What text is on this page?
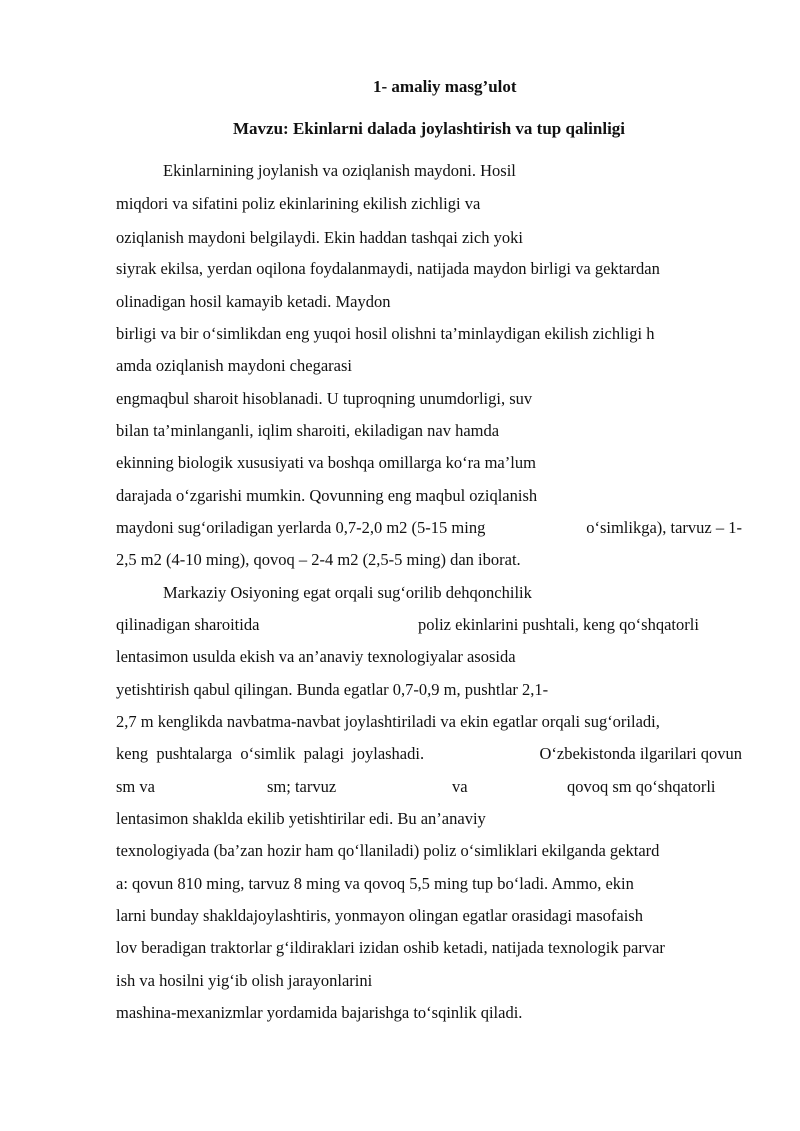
1- amaliy masg’ulot
Mavzu: Ekinlarni dalada joylashtirish va tup qalinligi
Ekinlarnining joylanish va oziqlanish maydoni. Hosil
miqdori va sifatini poliz ekinlarining ekilish zichligi va
oziqlanish maydoni belgilaydi. Ekin haddan tashqai zich yoki
siyrak ekilsa, yerdan oqilona foydalanmaydi, natijada maydon birligi va gektardan
olinadigan hosil kamayib ketadi. Maydon
birligi va bir o‘simlikdan eng yuqoi hosil olishni ta’minlaydigan ekilish zichligi h
amda oziqlanish maydoni chegarasi
engmaqbul sharoit hisoblanadi. U tuproqning unumdorligi, suv
bilan ta’minlanganli, iqlim sharoiti, ekiladigan nav hamda
ekinning biologik xususiyati va boshqa omillarga ko‘ra ma’lum
darajada o‘zgarishi mumkin. Qovunning eng maqbul oziqlanish
maydoni sug‘oriladigan yerlarda 0,7-2,0 m2 (5-15 ming	o‘simlikga), tarvuz – 1-
2,5 m2 (4-10 ming), qovoq – 2-4 m2 (2,5-5 ming) dan iborat.
Markaziy Osiyoning egat orqali sug‘orilib dehqonchilik
qilinadigan sharoitida	poliz ekinlarini pushtali, keng qo‘shqatorli
lentasimon usulda ekish va an’anaviy texnologiyalar asosida
yetishtirish qabul qilingan. Bunda egatlar 0,7-0,9 m, pushtlar 2,1-
2,7 m kenglikda navbatma-navbat joylashtiriladi va ekin egatlar orqali sug‘oriladi,
keng  pushtalarga  o‘simlik  palagi  joylashadi.	O‘zbekistonda ilgarilari qovun
sm va	sm; tarvuz	va	qovoq sm qo‘shqatorli
lentasimon shaklda ekilib yetishtirilar edi. Bu an’anaviy
texnologiyada (ba’zan hozir ham qo‘llaniladi) poliz o‘simliklari ekilganda gektard
a: qovun 810 ming, tarvuz 8 ming va qovoq 5,5 ming tup bo‘ladi. Ammo, ekin
larni bunday shakldajoylashtiris, yonmayon olingan egatlar orasidagi masofaish
lov beradigan traktorlar g‘ildiraklari izidan oshib ketadi, natijada texnologik parvar
ish va hosilni yig‘ib olish jarayonlarini
mashina-mexanizmlar yordamida bajarishga to‘sqinlik qiladi.
